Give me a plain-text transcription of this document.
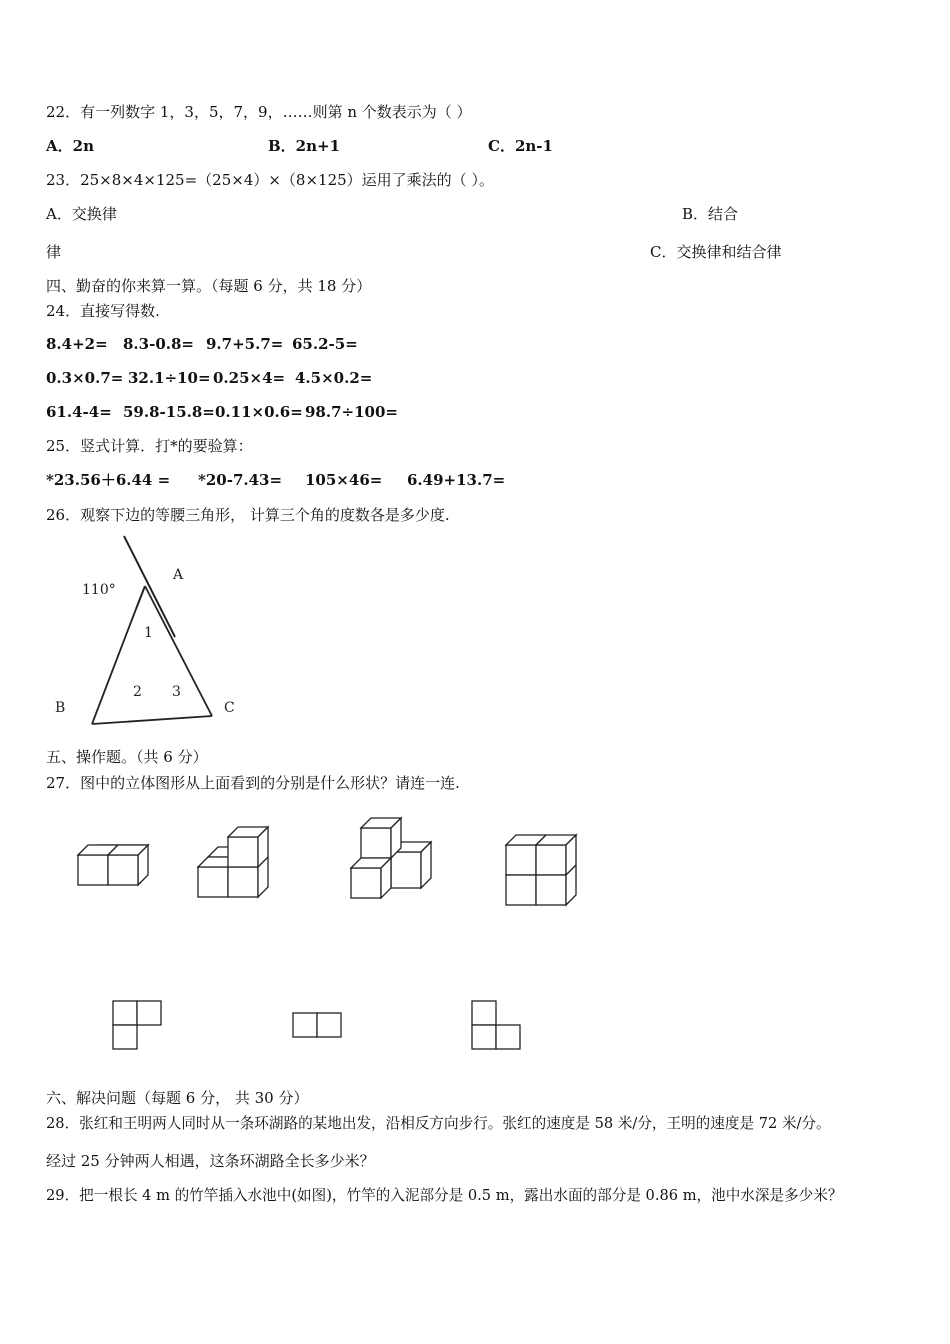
22．有一列数字 1，3，5，7，9，……则第 n 个数表示为（ ）
A．2n	B．2n+1	C．2n-1
23．25×8×4×125=（25×4）×（8×125）运用了乘法的（ ）。
A．交换律	B．结合
律	C．交换律和结合律
四、勤奋的你来算一算。（每题 6 分，共 18 分）
24．直接写得数.
8.4+2= 8.3-0.8= 9.7+5.7= 65.2-5=
0.3×0.7= 32.1÷10= 0.25×4= 4.5×0.2=
61.4-4= 59.8-15.8= 0.11×0.6= 98.7÷100=
25．竖式计算．打*的要验算：
*23.56＋6.44 = *20-7.43= 105×46= 6.49+13.7=
26．观察下边的等腰三角形， 计算三个角的度数各是多少度.
110°
A
B	C
1
2 3
五、操作题。（共 6 分）
27．图中的立体图形从上面看到的分别是什么形状？请连一连.
六、解决问题（每题 6 分， 共 30 分）
28．张红和王明两人同时从一条环湖路的某地出发，沿相反方向步行。张红的速度是 58 米/分，王明的速度是 72 米/分。
经过 25 分钟两人相遇，这条环湖路全长多少米？
29．把一根长 4 m 的竹竿插入水池中(如图)，竹竿的入泥部分是 0.5 m，露出水面的部分是 0.86 m，池中水深是多少米？
